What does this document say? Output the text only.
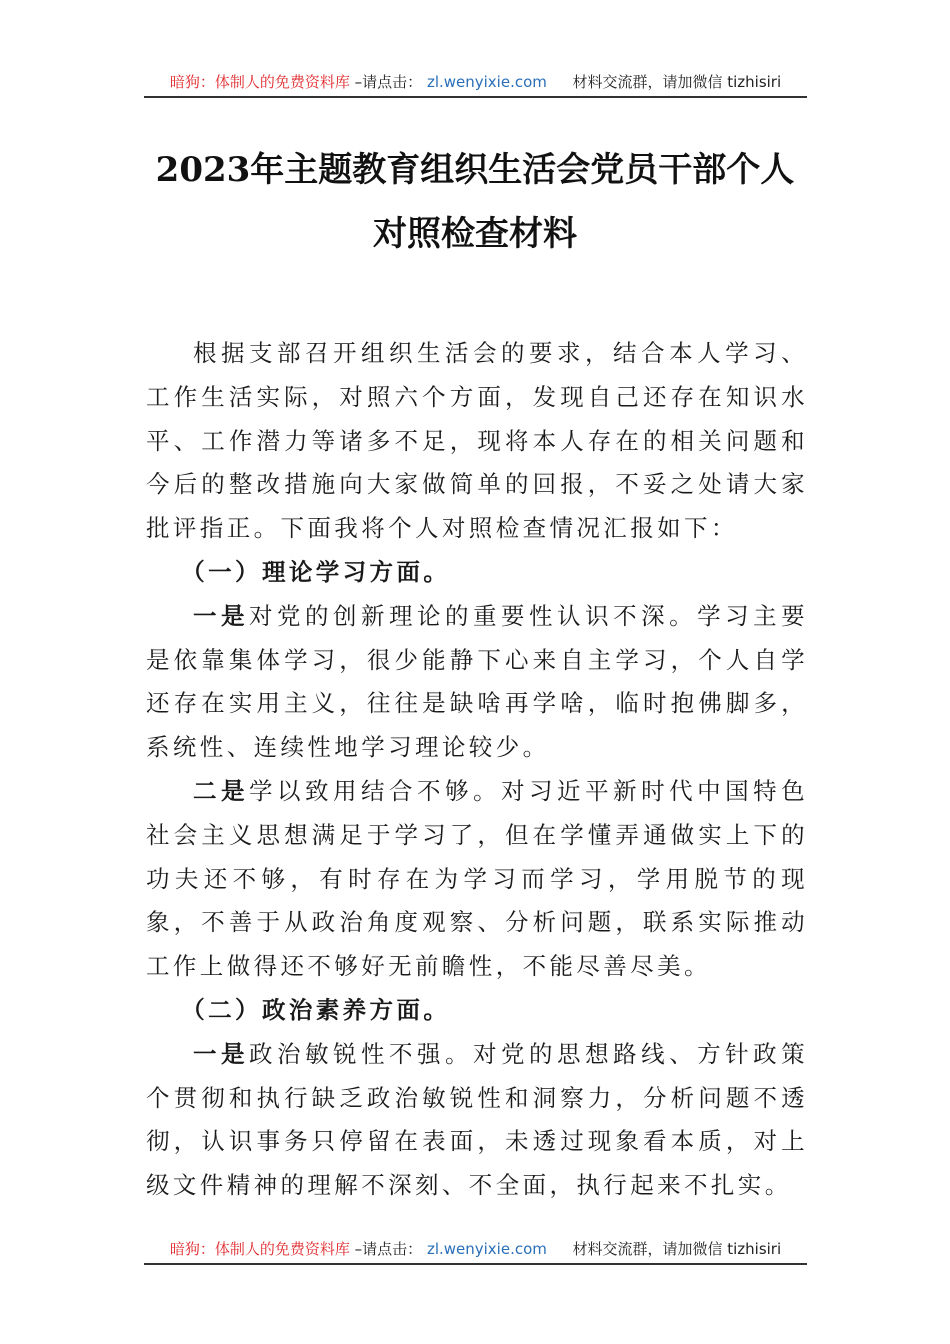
暗狗：体制人的免费资料库 –请点击： zl.wenyixie.com 材料交流群，请加微信 tizhisiri
2023年主题教育组织生活会党员干部个人
对照检查材料

根据支部召开组织生活会的要求，结合本人学习、工作生活实际，对照六个方面，发现自己还存在知识水平、工作潜力等诸多不足，现将本人存在的相关问题和今后的整改措施向大家做简单的回报，不妥之处请大家批评指正。下面我将个人对照检查情况汇报如下：

（一）理论学习方面。

一是对党的创新理论的重要性认识不深。学习主要是依靠集体学习，很少能静下心来自主学习，个人自学还存在实用主义，往往是缺啥再学啥，临时抱佛脚多，系统性、连续性地学习理论较少。

二是学以致用结合不够。对习近平新时代中国特色社会主义思想满足于学习了，但在学懂弄通做实上下的功夫还不够，有时存在为学习而学习，学用脱节的现象，不善于从政治角度观察、分析问题，联系实际推动工作上做得还不够好无前瞻性，不能尽善尽美。

（二）政治素养方面。

一是政治敏锐性不强。对党的思想路线、方针政策个贯彻和执行缺乏政治敏锐性和洞察力，分析问题不透彻，认识事务只停留在表面，未透过现象看本质，对上级文件精神的理解不深刻、不全面，执行起来不扎实。

暗狗：体制人的免费资料库 –请点击： zl.wenyixie.com 材料交流群，请加微信 tizhisiri
